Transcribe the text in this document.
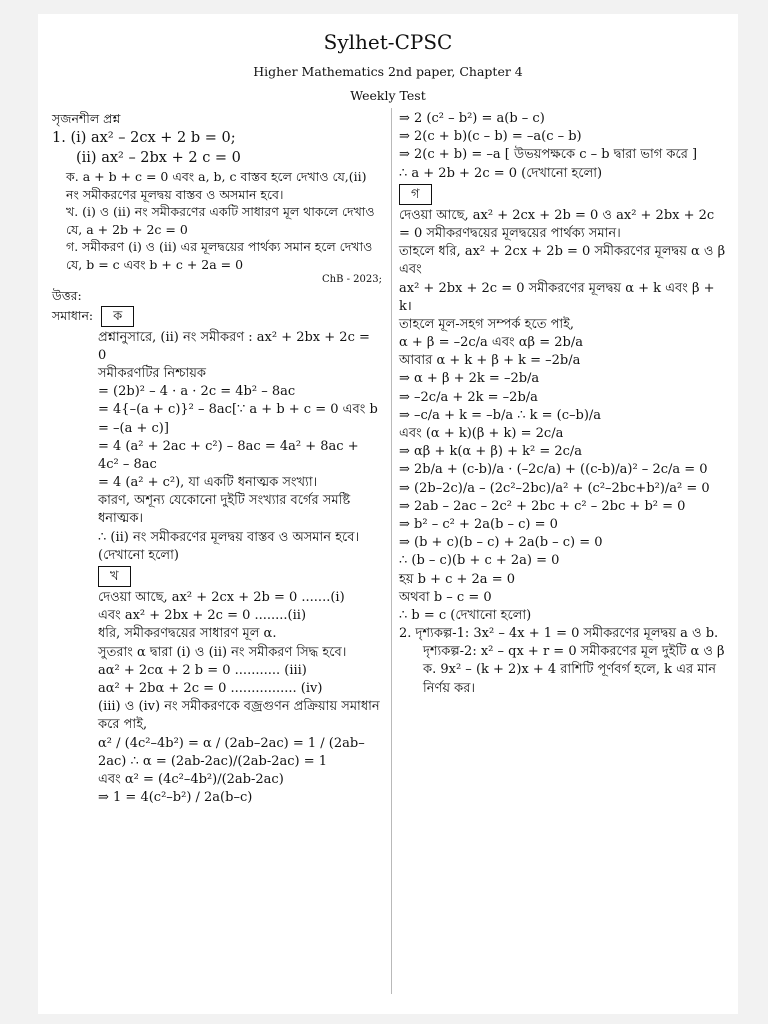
Sylhet-CPSC
Higher Mathematics 2nd paper, Chapter 4
Weekly Test
সৃজনশীল প্রশ্ন
1. (i) ax² – 2cx + 2 b = 0;
(ii) ax² – 2bx + 2 c = 0
ক. a + b + c = 0 এবং a, b, c বাস্তব হলে দেখাও যে,(ii) নং সমীকরণের মূলদ্বয় বাস্তব ও অসমান হবে।
খ. (i) ও (ii) নং সমীকরণের একটি সাধারণ মূল থাকলে দেখাও যে, a + 2b + 2c = 0
গ. সমীকরণ (i) ও (ii) এর মূলদ্বয়ের পার্থক্য সমান হলে দেখাও যে, b = c এবং b + c + 2a = 0
ChB - 2023;
উত্তর:
সমাধান: ক
প্রশ্নানুসারে, (ii) নং সমীকরণ : ax² + 2bx + 2c = 0
সমীকরণটির নিশ্চায়ক
= (2b)² – 4 · a · 2c = 4b² – 8ac
= 4{–(a + c)}² – 8ac[∵ a + b + c = 0 এবং b = –(a + c)]
= 4 (a² + 2ac + c²) – 8ac = 4a² + 8ac + 4c² – 8ac
= 4 (a² + c²), যা একটি ধনাত্মক সংখ্যা।
কারণ, অশূন্য যেকোনো দুইটি সংখ্যার বর্গের সমষ্টি ধনাত্মক।
∴ (ii) নং সমীকরণের মূলদ্বয় বাস্তব ও অসমান হবে। (দেখানো হলো)
খ
দেওয়া আছে, ax² + 2cx + 2b = 0 .......(i)
এবং ax² + 2bx + 2c = 0 ........(ii)
ধরি, সমীকরণদ্বয়ের সাধারণ মূল α.
সুতরাং α দ্বারা (i) ও (ii) নং সমীকরণ সিদ্ধ হবে।
aα² + 2cα + 2 b = 0 ........... (iii)
aα² + 2bα + 2c = 0 ................ (iv)
(iii) ও (iv) নং সমীকরণকে বজ্রগুণন প্রক্রিয়ায় সমাধান করে পাই,
α² / (4c²–4b²) = α / (2ab–2ac) = 1 / (2ab–2ac) ∴ α = (2ab-2ac)/(2ab-2ac) = 1
এবং α² = (4c²–4b²)/(2ab-2ac)
⇒ 1 = 4(c²–b²) / 2a(b–c)
⇒ 2 (c² – b²) = a(b – c)
⇒ 2(c + b)(c – b) = –a(c – b)
⇒ 2(c + b) = –a [ উভয়পক্ষকে c – b দ্বারা ভাগ করে ]
∴ a + 2b + 2c = 0 (দেখানো হলো)
গ
দেওয়া আছে, ax² + 2cx + 2b = 0 ও ax² + 2bx + 2c = 0 সমীকরণদ্বয়ের মূলদ্বয়ের পার্থক্য সমান।
তাহলে ধরি, ax² + 2cx + 2b = 0 সমীকরণের মূলদ্বয় α ও β এবং
ax² + 2bx + 2c = 0 সমীকরণের মূলদ্বয় α + k এবং β + k।
তাহলে মূল-সহগ সম্পর্ক হতে পাই,
α + β = –2c/a এবং αβ = 2b/a
আবার α + k + β + k = –2b/a
⇒ α + β + 2k = –2b/a
⇒ –2c/a + 2k = –2b/a
⇒ –c/a + k = –b/a ∴ k = (c–b)/a
এবং (α + k)(β + k) = 2c/a
⇒ αβ + k(α + β) + k² = 2c/a
⇒ 2b/a + (c-b)/a · (–2c/a) + ((c-b)/a)² – 2c/a = 0
⇒ (2b–2c)/a – (2c²–2bc)/a² + (c²–2bc+b²)/a² = 0
⇒ 2ab – 2ac – 2c² + 2bc + c² – 2bc + b² = 0
⇒ b² – c² + 2a(b – c) = 0
⇒ (b + c)(b – c) + 2a(b – c) = 0
∴ (b – c)(b + c + 2a) = 0
হয় b + c + 2a = 0
অথবা b – c = 0
∴ b = c (দেখানো হলো)
2. দৃশ্যকল্প-1: 3x² – 4x + 1 = 0 সমীকরণের মূলদ্বয় a ও b.
দৃশ্যকল্প-2: x² – qx + r = 0 সমীকরণের মূল দুইটি α ও β
ক. 9x² – (k + 2)x + 4 রাশিটি পূর্ণবর্গ হলে, k এর মান নির্ণয় কর।
